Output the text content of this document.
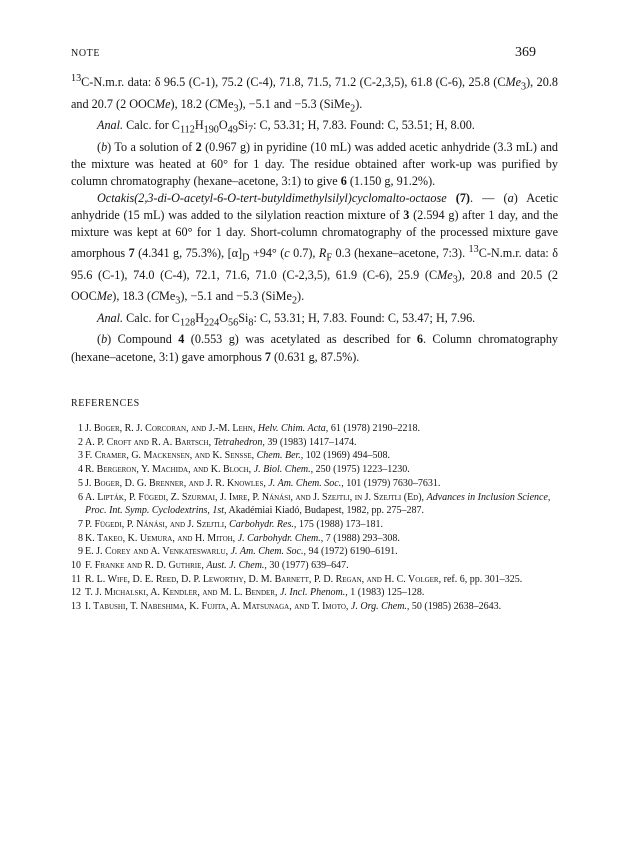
NOTE	369

$^{13}$C-N.m.r. data: δ 96.5 (C-1), 75.2 (C-4), 71.8, 71.5, 71.2 (C-2,3,5), 61.8 (C-6), 25.8 (CMe$_3$), 20.8 and 20.7 (2 OOCMe), 18.2 (CMe$_3$), −5.1 and −5.3 (SiMe$_2$).

Anal. Calc. for $C_{112}H_{190}O_{49}Si_7$: C, 53.31; H, 7.83. Found: C, 53.51; H, 8.00.

(b) To a solution of 2 (0.967 g) in pyridine (10 mL) was added acetic anhydride (3.3 mL) and the mixture was heated at 60° for 1 day. The residue obtained after work-up was purified by column chromatography (hexane–acetone, 3:1) to give 6 (1.150 g, 91.2%).

Octakis(2,3-di-O-acetyl-6-O-tert-butyldimethylsilyl)cyclomalto-octaose (7). — (a) Acetic anhydride (15 mL) was added to the silylation reaction mixture of 3 (2.594 g) after 1 day, and the mixture was kept at 60° for 1 day. Short-column chromatography of the processed mixture gave amorphous 7 (4.341 g, 75.3%), $[\alpha]_D +94^\circ$ (c 0.7), $R_F$ 0.3 (hexane–acetone, 7:3). $^{13}$C-N.m.r. data: δ 95.6 (C-1), 74.0 (C-4), 72.1, 71.6, 71.0 (C-2,3,5), 61.9 (C-6), 25.9 (CMe$_3$), 20.8 and 20.5 (2 OOCMe), 18.3 (CMe$_3$), −5.1 and −5.3 (SiMe$_2$).

Anal. Calc. for $C_{128}H_{224}O_{56}Si_8$: C, 53.31; H, 7.83. Found: C, 53.47; H, 7.96.

(b) Compound 4 (0.553 g) was acetylated as described for 6. Column chromatography (hexane–acetone, 3:1) gave amorphous 7 (0.631 g, 87.5%).

REFERENCES
1 J. Boger, R. J. Corcoran, and J.-M. Lehn, Helv. Chim. Acta, 61 (1978) 2190–2218.
2 A. P. Croft and R. A. Bartsch, Tetrahedron, 39 (1983) 1417–1474.
3 F. Cramer, G. Mackensen, and K. Sensse, Chem. Ber., 102 (1969) 494–508.
4 R. Bergeron, Y. Machida, and K. Bloch, J. Biol. Chem., 250 (1975) 1223–1230.
5 J. Boger, D. G. Brenner, and J. R. Knowles, J. Am. Chem. Soc., 101 (1979) 7630–7631.
6 A. Lipták, P. Fügedi, Z. Szurmai, J. Imre, P. Nánási, and J. Szejtli, in J. Szejtli (Ed), Advances in Inclusion Science, Proc. Int. Symp. Cyclodextrins, 1st, Akadémiai Kiadó, Budapest, 1982, pp. 275–287.
7 P. Fügedi, P. Nánási, and J. Szejtli, Carbohydr. Res., 175 (1988) 173–181.
8 K. Takeo, K. Uemura, and H. Mitoh, J. Carbohydr. Chem., 7 (1988) 293–308.
9 E. J. Corey and A. Venkateswarlu, J. Am. Chem. Soc., 94 (1972) 6190–6191.
10 F. Franke and R. D. Guthrie, Aust. J. Chem., 30 (1977) 639–647.
11 R. L. Wife, D. E. Reed, D. P. Leworthy, D. M. Barnett, P. D. Regan, and H. C. Volger, ref. 6, pp. 301–325.
12 T. J. Michalski, A. Kendler, and M. L. Bender, J. Incl. Phenom., 1 (1983) 125–128.
13 I. Tabushi, T. Nabeshima, K. Fujita, A. Matsunaga, and T. Imoto, J. Org. Chem., 50 (1985) 2638–2643.
